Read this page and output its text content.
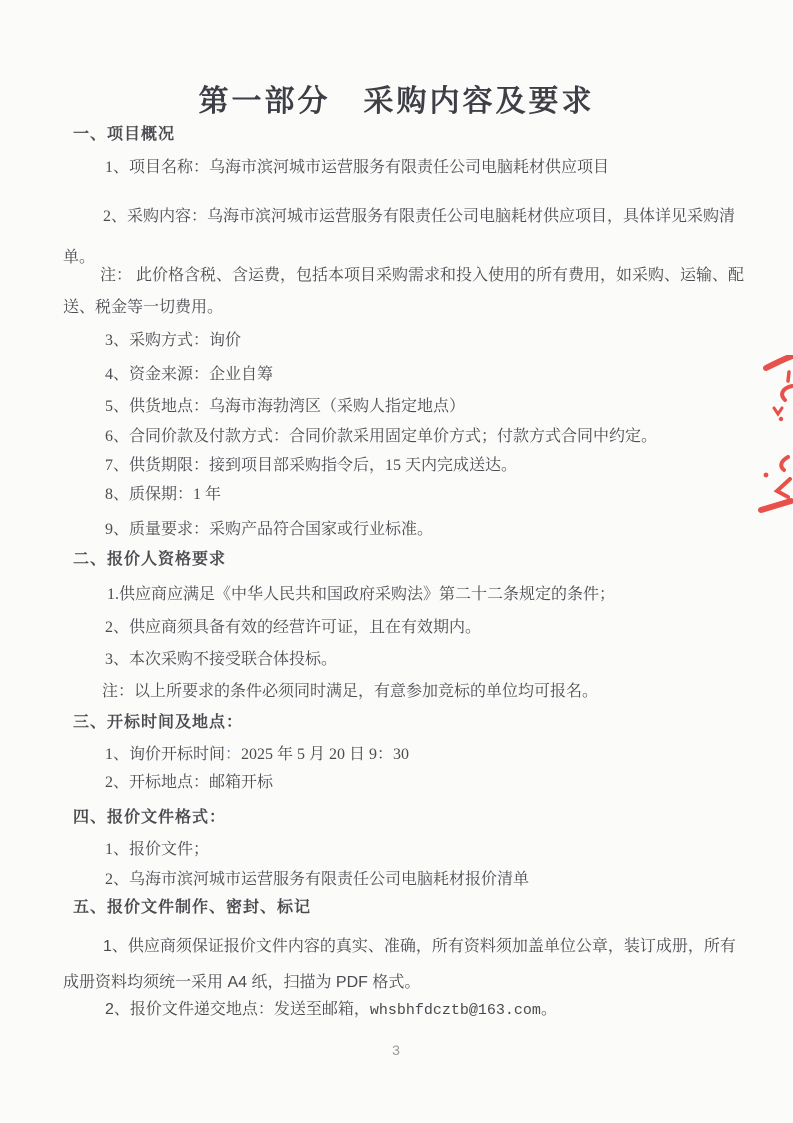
第一部分　采购内容及要求
一、项目概况
1、项目名称：乌海市滨河城市运营服务有限责任公司电脑耗材供应项目
2、采购内容：乌海市滨河城市运营服务有限责任公司电脑耗材供应项目，具体详见采购清单。
注： 此价格含税、含运费，包括本项目采购需求和投入使用的所有费用，如采购、运输、配送、税金等一切费用。
3、采购方式：询价
4、资金来源：企业自筹
5、供货地点：乌海市海勃湾区（采购人指定地点）
6、合同价款及付款方式：合同价款采用固定单价方式；付款方式合同中约定。
7、供货期限：接到项目部采购指令后，15 天内完成送达。
8、质保期：1 年
9、质量要求：采购产品符合国家或行业标准。
二、报价人资格要求
1.供应商应满足《中华人民共和国政府采购法》第二十二条规定的条件；
2、供应商须具备有效的经营许可证，且在有效期内。
3、本次采购不接受联合体投标。
注：以上所要求的条件必须同时满足，有意参加竞标的单位均可报名。
三、开标时间及地点：
1、询价开标时间：2025 年 5 月 20 日 9：30
2、开标地点：邮箱开标
四、报价文件格式：
1、报价文件；
2、乌海市滨河城市运营服务有限责任公司电脑耗材报价清单
五、报价文件制作、密封、标记
1、供应商须保证报价文件内容的真实、准确，所有资料须加盖单位公章，装订成册，所有成册资料均须统一采用 A4 纸，扫描为 PDF 格式。
2、报价文件递交地点：发送至邮箱，whsbhfdcztb@163.com。
3
